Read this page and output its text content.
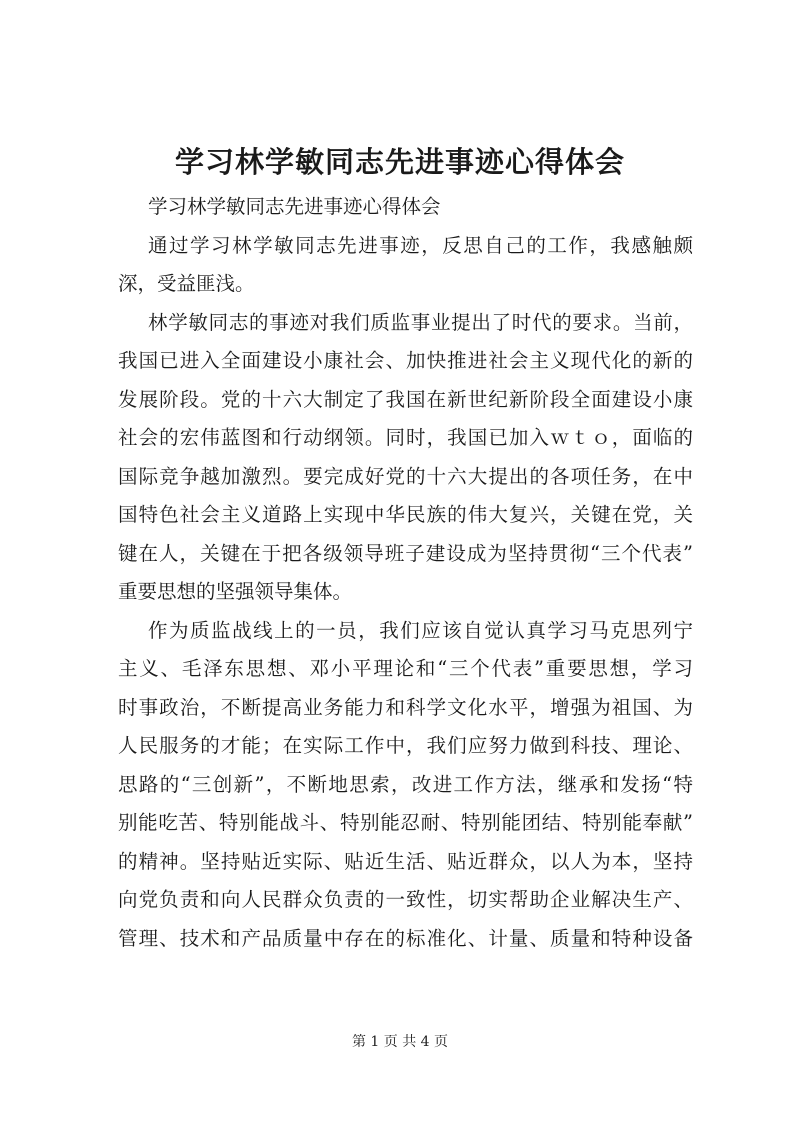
学习林学敏同志先进事迹心得体会
学习林学敏同志先进事迹心得体会
通过学习林学敏同志先进事迹，反思自己的工作，我感触颇
深，受益匪浅。
林学敏同志的事迹对我们质监事业提出了时代的要求。当前，
我国已进入全面建设小康社会、加快推进社会主义现代化的新的
发展阶段。党的十六大制定了我国在新世纪新阶段全面建设小康
社会的宏伟蓝图和行动纲领。同时，我国已加入ｗｔｏ，面临的
国际竞争越加激烈。要完成好党的十六大提出的各项任务，在中
国特色社会主义道路上实现中华民族的伟大复兴，关键在党，关
键在人，关键在于把各级领导班子建设成为坚持贯彻“三个代表”
重要思想的坚强领导集体。
作为质监战线上的一员，我们应该自觉认真学习马克思列宁
主义、毛泽东思想、邓小平理论和“三个代表”重要思想，学习
时事政治，不断提高业务能力和科学文化水平，增强为祖国、为
人民服务的才能；在实际工作中，我们应努力做到科技、理论、
思路的“三创新”，不断地思索，改进工作方法，继承和发扬“特
别能吃苦、特别能战斗、特别能忍耐、特别能团结、特别能奉献”
的精神。坚持贴近实际、贴近生活、贴近群众，以人为本，坚持
向党负责和向人民群众负责的一致性，切实帮助企业解决生产、
管理、技术和产品质量中存在的标准化、计量、质量和特种设备
第 1 页 共 4 页
